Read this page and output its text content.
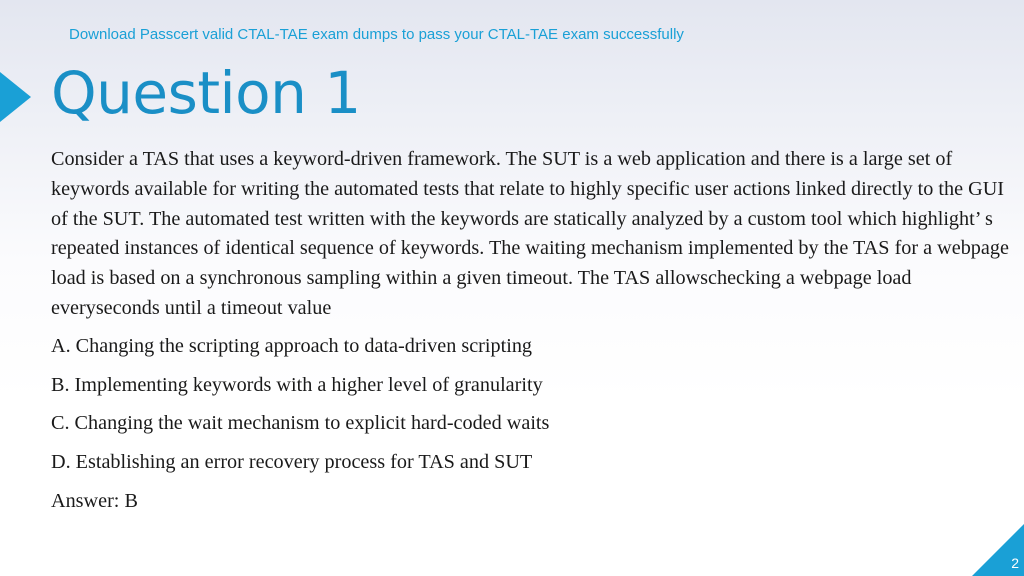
Download Passcert valid CTAL-TAE exam dumps to pass your CTAL-TAE exam successfully
Question 1

Consider a TAS that uses a keyword-driven framework. The SUT is a web application and there is a large set of keywords available for writing the automated tests that relate to highly specific user actions linked directly to the GUI of the SUT. The automated test written with the keywords are statically analyzed by a custom tool which highlight’ s repeated instances of identical sequence of keywords. The waiting mechanism implemented by the TAS for a webpage load is based on a synchronous sampling within a given timeout. The TAS allowschecking a webpage load everyseconds until a timeout value

A. Changing the scripting approach to data-driven scripting
B. Implementing keywords with a higher level of granularity
C. Changing the wait mechanism to explicit hard-coded waits
D. Establishing an error recovery process for TAS and SUT

Answer: B

2
